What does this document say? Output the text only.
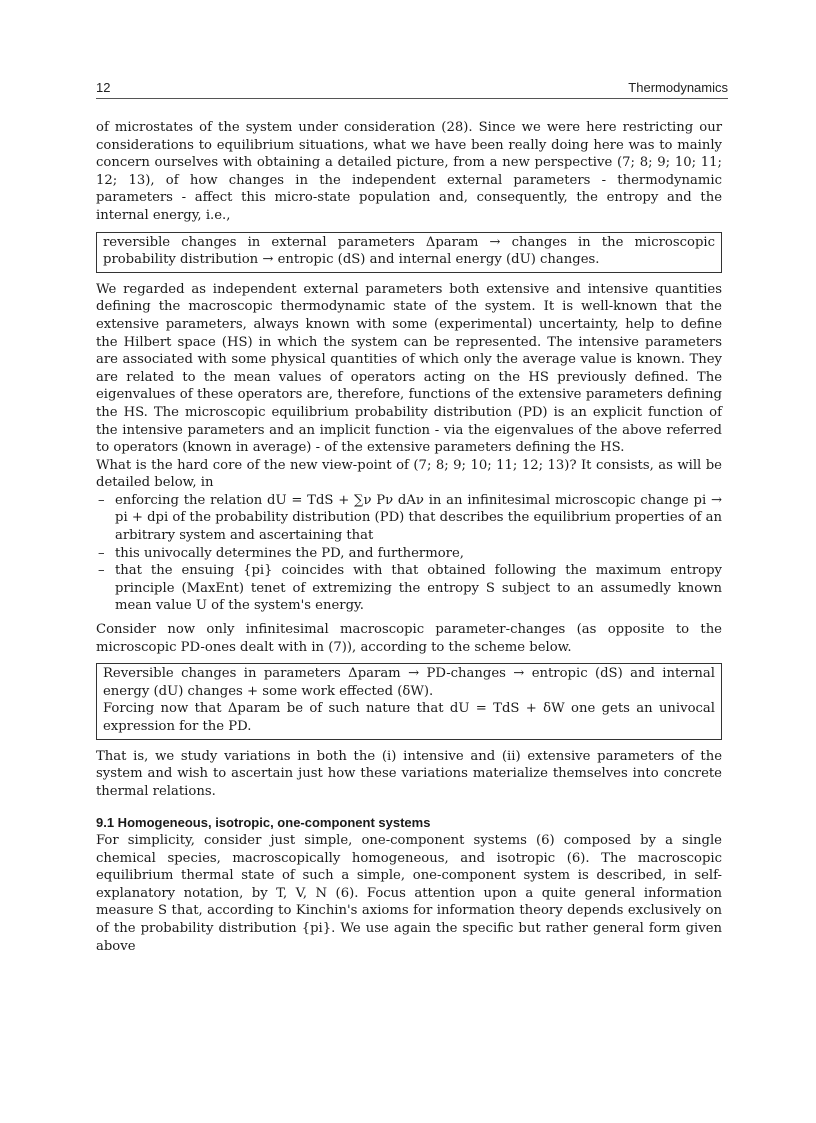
12	Thermodynamics

of microstates of the system under consideration (28). Since we were here restricting our considerations to equilibrium situations, what we have been really doing here was to mainly concern ourselves with obtaining a detailed picture, from a new perspective (7; 8; 9; 10; 11; 12; 13), of how changes in the independent external parameters - thermodynamic parameters - affect this micro-state population and, consequently, the entropy and the internal energy, i.e.,

reversible changes in external parameters Δparam → changes in the microscopic probability distribution → entropic (dS) and internal energy (dU) changes.

We regarded as independent external parameters both extensive and intensive quantities defining the macroscopic thermodynamic state of the system. It is well-known that the extensive parameters, always known with some (experimental) uncertainty, help to define the Hilbert space (HS) in which the system can be represented. The intensive parameters are associated with some physical quantities of which only the average value is known. They are related to the mean values of operators acting on the HS previously defined. The eigenvalues of these operators are, therefore, functions of the extensive parameters defining the HS. The microscopic equilibrium probability distribution (PD) is an explicit function of the intensive parameters and an implicit function - via the eigenvalues of the above referred to operators (known in average) - of the extensive parameters defining the HS.

What is the hard core of the new view-point of (7; 8; 9; 10; 11; 12; 13)? It consists, as will be detailed below, in

– enforcing the relation dU = TdS + ∑ν Pν dAν in an infinitesimal microscopic change pi → pi + dpi of the probability distribution (PD) that describes the equilibrium properties of an arbitrary system and ascertaining that
– this univocally determines the PD, and furthermore,
– that the ensuing {pi} coincides with that obtained following the maximum entropy principle (MaxEnt) tenet of extremizing the entropy S subject to an assumedly known mean value U of the system's energy.

Consider now only infinitesimal macroscopic parameter-changes (as opposite to the microscopic PD-ones dealt with in (7)), according to the scheme below.

Reversible changes in parameters Δparam → PD-changes → entropic (dS) and internal energy (dU) changes + some work effected (δW).

Forcing now that Δparam be of such nature that dU = TdS + δW one gets an univocal expression for the PD.

That is, we study variations in both the (i) intensive and (ii) extensive parameters of the system and wish to ascertain just how these variations materialize themselves into concrete thermal relations.

9.1 Homogeneous, isotropic, one-component systems

For simplicity, consider just simple, one-component systems (6) composed by a single chemical species, macroscopically homogeneous, and isotropic (6). The macroscopic equilibrium thermal state of such a simple, one-component system is described, in self-explanatory notation, by T, V, N (6). Focus attention upon a quite general information measure S that, according to Kinchin's axioms for information theory depends exclusively on of the probability distribution {pi}. We use again the specific but rather general form given above
